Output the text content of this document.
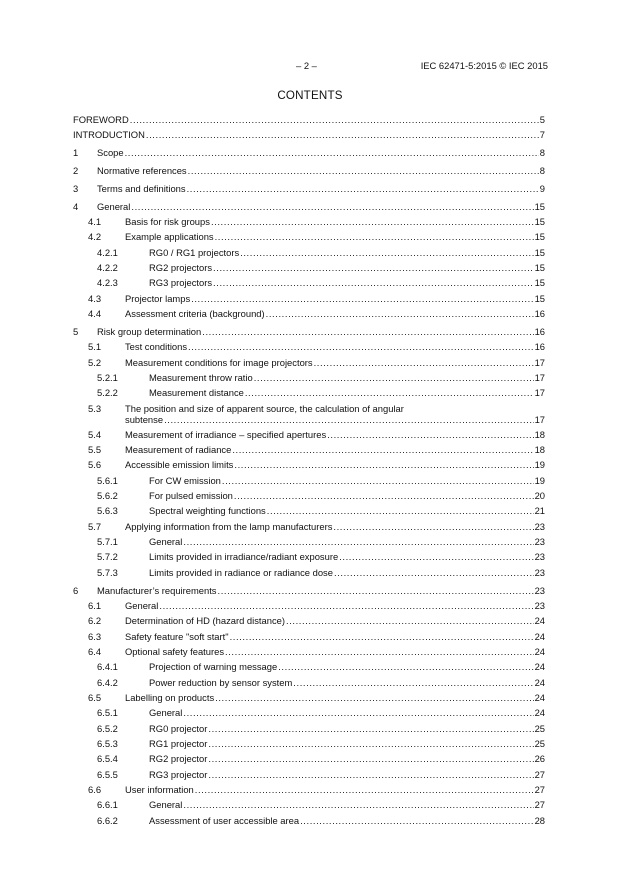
– 2 –	IEC 62471-5:2015 © IEC 2015
CONTENTS
FOREWORD .....	5
INTRODUCTION .....	7
1 Scope .....	8
2 Normative references .....	8
3 Terms and definitions .....	9
4 General .....	15
4.1	Basis for risk groups .....	15
4.2	Example applications .....	15
4.2.1	RG0 / RG1 projectors .....	15
4.2.2	RG2 projectors .....	15
4.2.3	RG3 projectors .....	15
4.3	Projector lamps .....	15
4.4	Assessment criteria (background) .....	16
5 Risk group determination .....	16
5.1	Test conditions .....	16
5.2	Measurement conditions for image projectors .....	17
5.2.1	Measurement throw ratio .....	17
5.2.2	Measurement distance .....	17
5.3	The position and size of apparent source, the calculation of angular
subtense .....	17
5.4	Measurement of irradiance – specified apertures .....	18
5.5	Measurement of radiance .....	18
5.6	Accessible emission limits .....	19
5.6.1	For CW emission .....	19
5.6.2	For pulsed emission .....	20
5.6.3	Spectral weighting functions .....	21
5.7	Applying information from the lamp manufacturers .....	23
5.7.1	General .....	23
5.7.2	Limits provided in irradiance/radiant exposure .....	23
5.7.3	Limits provided in radiance or radiance dose .....	23
6 Manufacturer’s requirements .....	23
6.1	General .....	23
6.2	Determination of HD (hazard distance) .....	24
6.3	Safety feature "soft start" .....	24
6.4	Optional safety features .....	24
6.4.1	Projection of warning message .....	24
6.4.2	Power reduction by sensor system .....	24
6.5	Labelling on products .....	24
6.5.1	General .....	24
6.5.2	RG0 projector .....	25
6.5.3	RG1 projector .....	25
6.5.4	RG2 projector .....	26
6.5.5	RG3 projector .....	27
6.6	User information .....	27
6.6.1	General .....	27
6.6.2	Assessment of user accessible area .....	28
